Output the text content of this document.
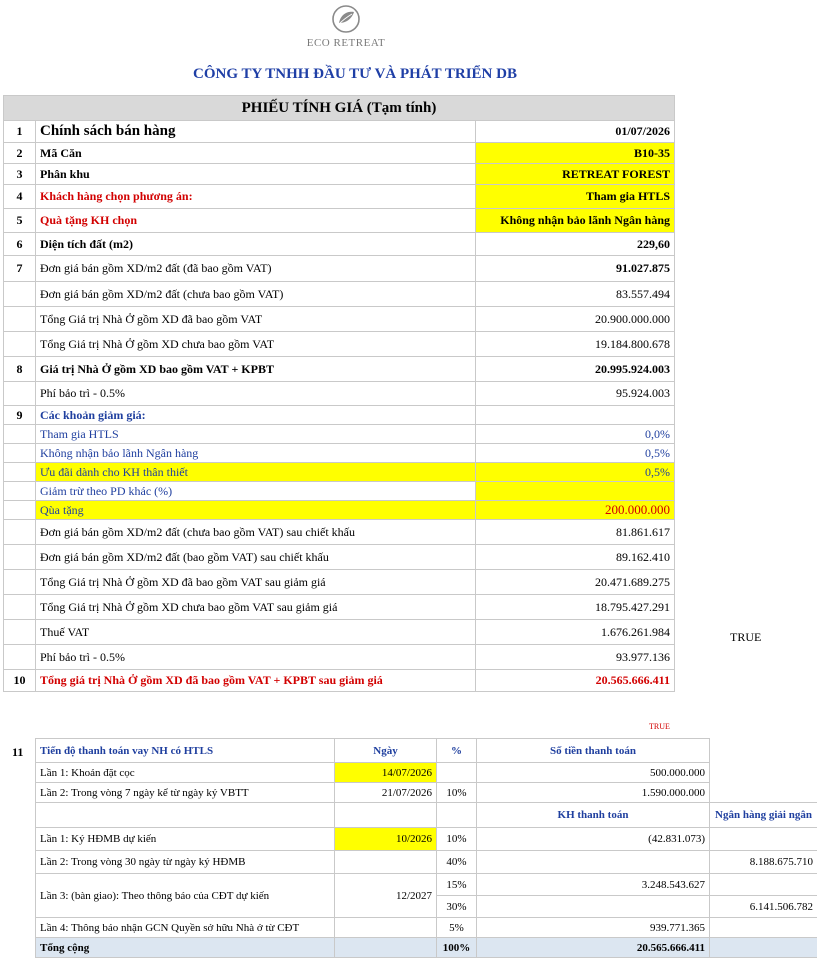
ECO RETREAT
CÔNG TY TNHH ĐẦU TƯ VÀ PHÁT TRIỂN DB
PHIẾU TÍNH GIÁ (Tạm tính)		
1	Chính sách bán hàng	01/07/2026
2	Mã Căn	B10-35
3	Phân khu	RETREAT FOREST
4	Khách hàng chọn phương án:	Tham gia HTLS
5	Quà tặng KH chọn	Không nhận bảo lãnh Ngân hàng
6	Diện tích đất (m2)	229,60
7	Đơn giá bán gồm XD/m2 đất (đã bao gồm VAT)	91.027.875
	Đơn giá bán gồm XD/m2 đất (chưa bao gồm VAT)	83.557.494
	Tổng Giá trị Nhà Ở gồm XD đã bao gồm VAT	20.900.000.000
	Tổng Giá trị Nhà Ở gồm XD chưa bao gồm VAT	19.184.800.678
8	Giá trị Nhà Ở gồm XD bao gồm VAT + KPBT	20.995.924.003
	Phí bảo trì - 0.5%	95.924.003
9	Các khoản giảm giá:	
	Tham gia HTLS	0,0%
	Không nhận bảo lãnh Ngân hàng	0,5%
	Ưu đãi dành cho KH thân thiết	0,5%
	Giảm trừ theo PD khác (%)	
	Qùa tặng	200.000.000
	Đơn giá bán gồm XD/m2 đất (chưa bao gồm VAT) sau chiết khấu	81.861.617
	Đơn giá bán gồm XD/m2 đất (bao gồm VAT) sau chiết khấu	89.162.410
	Tổng Giá trị Nhà Ở gồm XD đã bao gồm VAT sau giảm giá	20.471.689.275
	Tổng Giá trị Nhà Ở gồm XD chưa bao gồm VAT sau giảm giá	18.795.427.291
	Thuế VAT	1.676.261.984
	Phí bảo trì - 0.5%	93.977.136
10	Tổng giá trị Nhà Ở gồm XD đã bao gồm VAT + KPBT sau giảm giá	20.565.666.411
TRUE
TRUE
11 Tiến độ thanh toán vay NH có HTLS	Ngày	%	Số tiền thanh toán	
Lần 1: Khoản đặt cọc	14/07/2026		500.000.000	
Lần 2: Trong vòng 7 ngày kể từ ngày ký VBTT	21/07/2026	10%	1.590.000.000	
			KH thanh toán	Ngân hàng giải ngân
Lần 1: Ký HĐMB dự kiến	10/2026	10%	(42.831.073)	
Lần 2: Trong vòng 30 ngày từ ngày ký HĐMB		40%		8.188.675.710
Lần 3: (bàn giao): Theo thông báo của CĐT dự kiến	12/2027	15%	3.248.543.627	
		30%		6.141.506.782
Lần 4: Thông báo nhận GCN Quyền sở hữu Nhà ở từ CĐT		5%	939.771.365	
Tổng cộng		100%	20.565.666.411	
